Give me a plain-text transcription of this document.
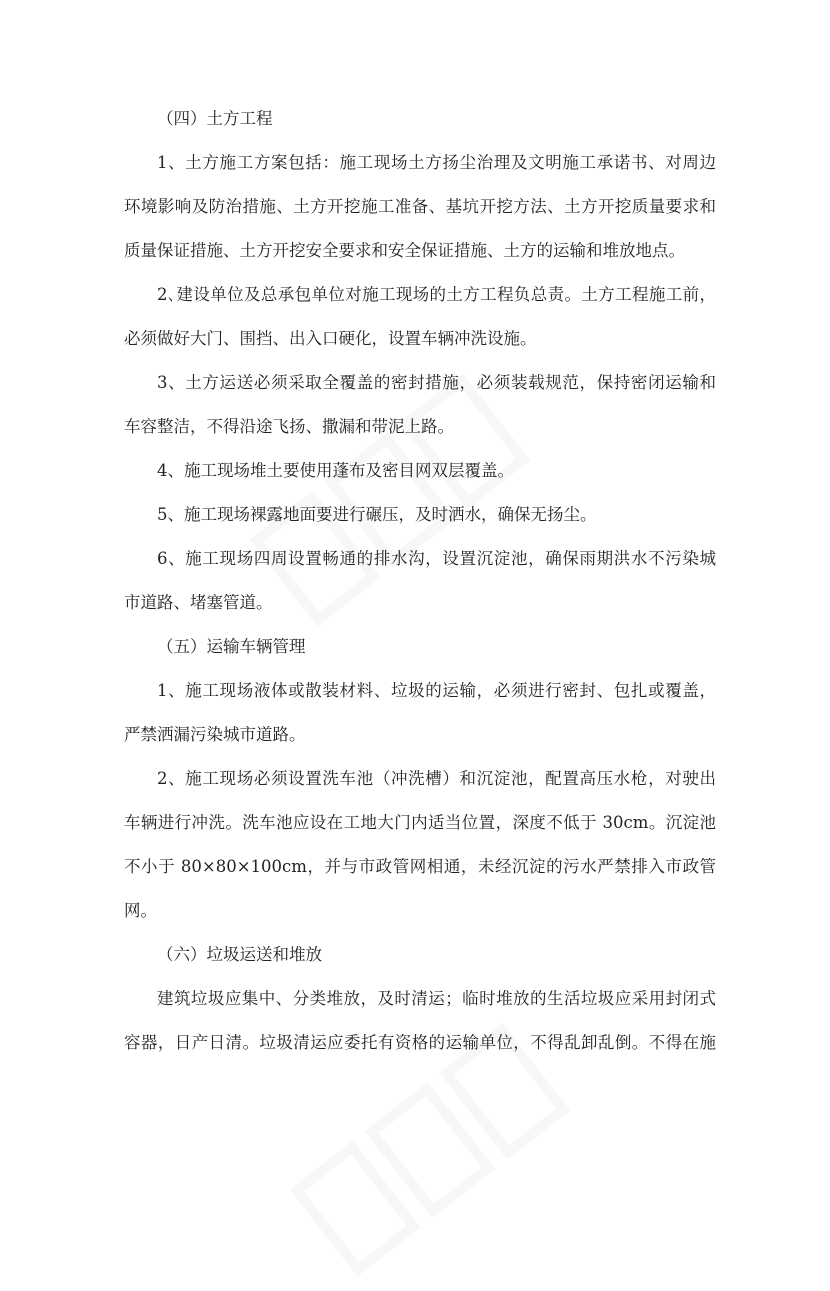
（四）土方工程
1、土方施工方案包括：施工现场土方扬尘治理及文明施工承诺书、对周边
环境影响及防治措施、土方开挖施工准备、基坑开挖方法、土方开挖质量要求和
质量保证措施、土方开挖安全要求和安全保证措施、土方的运输和堆放地点。
2､建设单位及总承包单位对施工现场的土方工程负总责。土方工程施工前，
必须做好大门、围挡、出入口硬化，设置车辆冲洗设施。
3、土方运送必须采取全覆盖的密封措施，必须装载规范，保持密闭运输和
车容整洁，不得沿途飞扬、撒漏和带泥上路。
4、施工现场堆土要使用蓬布及密目网双层覆盖。
5、施工现场裸露地面要进行碾压，及时洒水，确保无扬尘。
6、施工现场四周设置畅通的排水沟，设置沉淀池，确保雨期洪水不污染城
市道路、堵塞管道。
（五）运输车辆管理
1、施工现场液体或散装材料、垃圾的运输，必须进行密封、包扎或覆盖，
严禁洒漏污染城市道路。
2、施工现场必须设置洗车池（冲洗槽）和沉淀池，配置高压水枪，对驶出
车辆进行冲洗。洗车池应设在工地大门内适当位置，深度不低于 30cm。沉淀池
不小于 80×80×100cm，并与市政管网相通，未经沉淀的污水严禁排入市政管
网。
（六）垃圾运送和堆放
建筑垃圾应集中、分类堆放，及时清运；临时堆放的生活垃圾应采用封闭式
容器，日产日清。垃圾清运应委托有资格的运输单位，不得乱卸乱倒。不得在施
